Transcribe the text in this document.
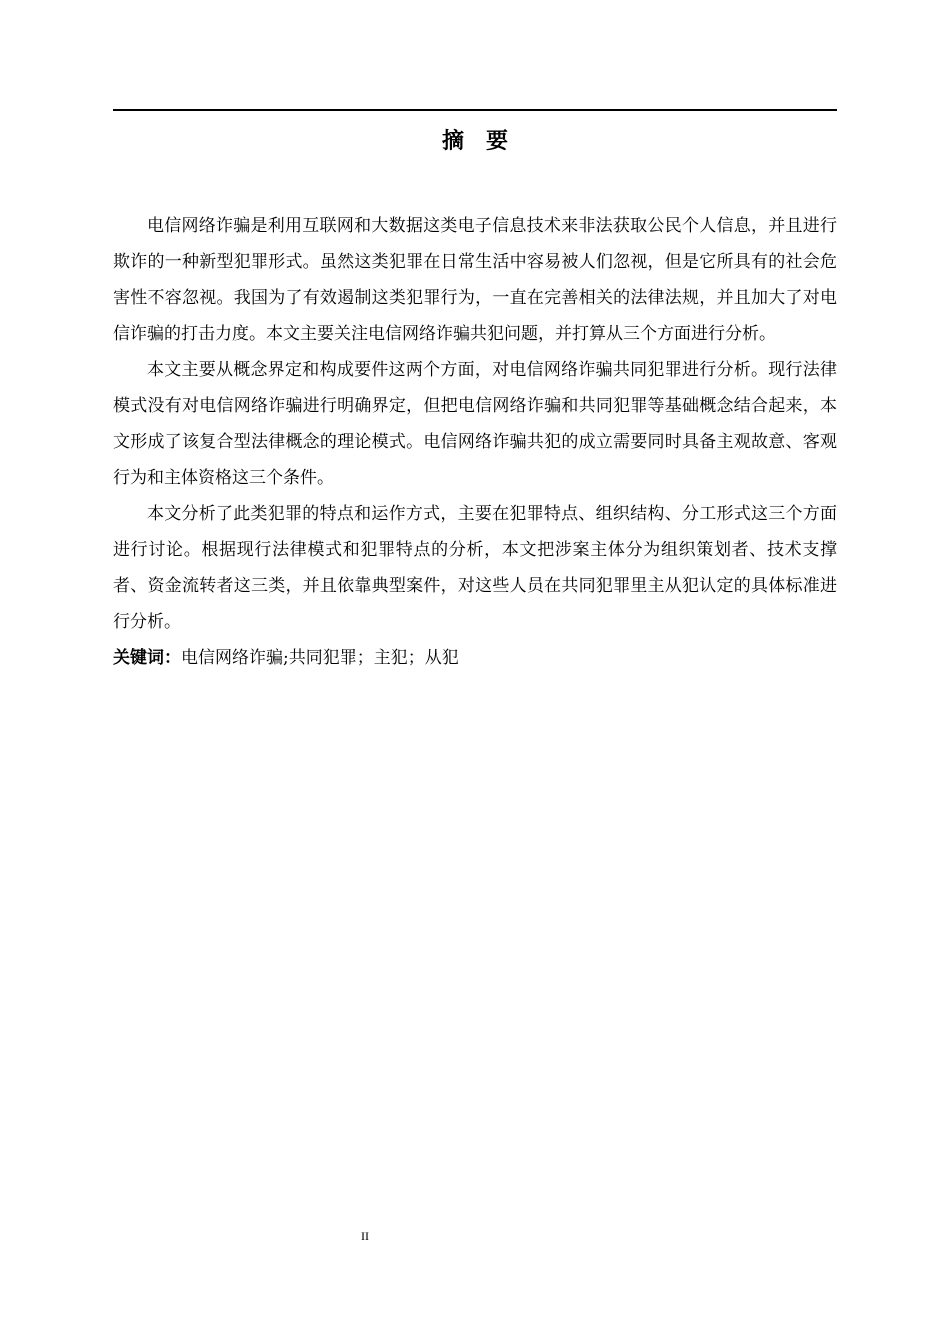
摘　要

电信网络诈骗是利用互联网和大数据这类电子信息技术来非法获取公民个人信息，并且进行欺诈的一种新型犯罪形式。虽然这类犯罪在日常生活中容易被人们忽视，但是它所具有的社会危害性不容忽视。我国为了有效遏制这类犯罪行为，一直在完善相关的法律法规，并且加大了对电信诈骗的打击力度。本文主要关注电信网络诈骗共犯问题，并打算从三个方面进行分析。

本文主要从概念界定和构成要件这两个方面，对电信网络诈骗共同犯罪进行分析。现行法律模式没有对电信网络诈骗进行明确界定，但把电信网络诈骗和共同犯罪等基础概念结合起来，本文形成了该复合型法律概念的理论模式。电信网络诈骗共犯的成立需要同时具备主观故意、客观行为和主体资格这三个条件。

本文分析了此类犯罪的特点和运作方式，主要在犯罪特点、组织结构、分工形式这三个方面进行讨论。根据现行法律模式和犯罪特点的分析，本文把涉案主体分为组织策划者、技术支撑者、资金流转者这三类，并且依靠典型案件，对这些人员在共同犯罪里主从犯认定的具体标准进行分析。

关键词：电信网络诈骗;共同犯罪；主犯；从犯

II
